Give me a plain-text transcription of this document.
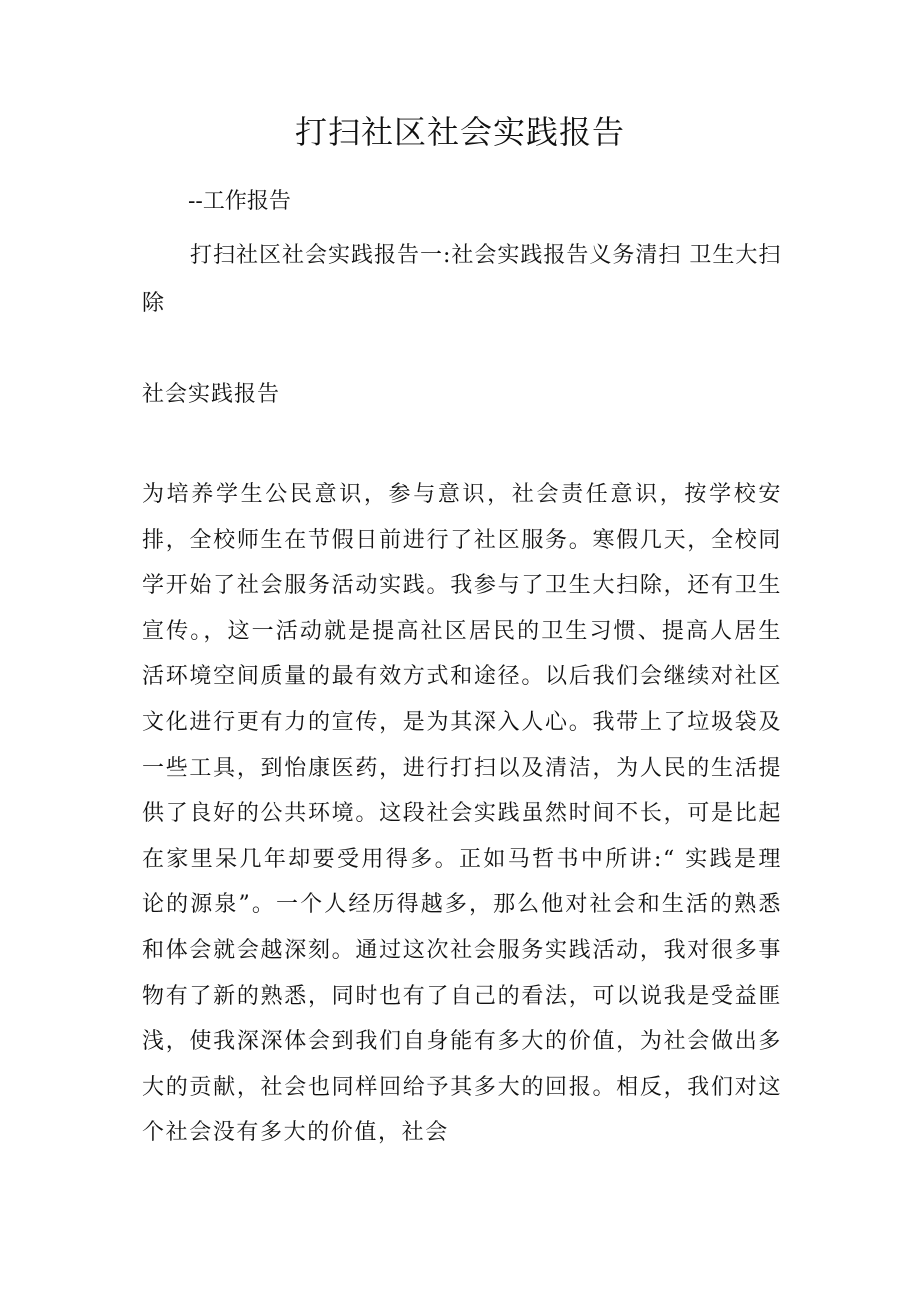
打扫社区社会实践报告

--工作报告

打扫社区社会实践报告一:社会实践报告义务清扫 卫生大扫除

社会实践报告

为培养学生公民意识，参与意识，社会责任意识，按学校安排，全校师生在节假日前进行了社区服务。寒假几天，全校同学开始了社会服务活动实践。我参与了卫生大扫除，还有卫生宣传。，这一活动就是提高社区居民的卫生习惯、提高人居生活环境空间质量的最有效方式和途径。以后我们会继续对社区文化进行更有力的宣传，是为其深入人心。我带上了垃圾袋及一些工具，到怡康医药，进行打扫以及清洁，为人民的生活提供了良好的公共环境。这段社会实践虽然时间不长，可是比起在家里呆几年却要受用得多。正如马哲书中所讲:“ 实践是理论的源泉”。一个人经历得越多，那么他对社会和生活的熟悉和体会就会越深刻。通过这次社会服务实践活动，我对很多事物有了新的熟悉，同时也有了自己的看法，可以说我是受益匪浅，使我深深体会到我们自身能有多大的价值，为社会做出多大的贡献，社会也同样回给予其多大的回报。相反，我们对这个社会没有多大的价值，社会
